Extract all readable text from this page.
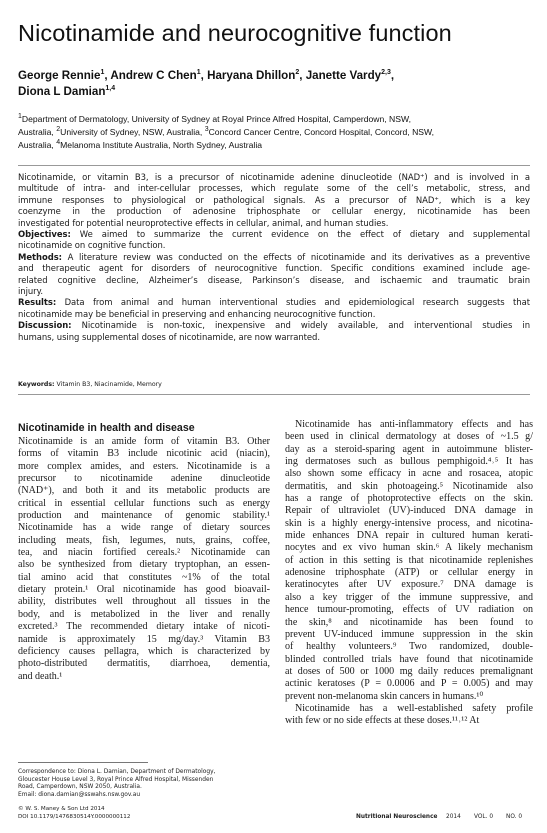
Nicotinamide and neurocognitive function
George Rennie$^1$, Andrew C Chen$^1$, Haryana Dhillon$^2$, Janette Vardy$^{2,3}$,
Diona L Damian$^{1,4}$
$^1$Department of Dermatology, University of Sydney at Royal Prince Alfred Hospital, Camperdown, NSW,
Australia, $^2$University of Sydney, NSW, Australia, $^3$Concord Cancer Centre, Concord Hospital, Concord, NSW,
Australia, $^4$Melanoma Institute Australia, North Sydney, Australia
Nicotinamide, or vitamin B3, is a precursor of nicotinamide adenine dinucleotide (NAD⁺) and is involved in a
multitude of intra- and inter-cellular processes, which regulate some of the cell’s metabolic, stress, and
immune responses to physiological or pathological signals. As a precursor of NAD⁺, which is a key
coenzyme in the production of adenosine triphosphate or cellular energy, nicotinamide has been
investigated for potential neuroprotective effects in cellular, animal, and human studies.
Objectives: We aimed to summarize the current evidence on the effect of dietary and supplemental
nicotinamide on cognitive function.
Methods: A literature review was conducted on the effects of nicotinamide and its derivatives as a preventive
and therapeutic agent for disorders of neurocognitive function. Specific conditions examined include age-
related cognitive decline, Alzheimer’s disease, Parkinson’s disease, and ischaemic and traumatic brain
injury.
Results: Data from animal and human interventional studies and epidemiological research suggests that
nicotinamide may be beneficial in preserving and enhancing neurocognitive function.
Discussion: Nicotinamide is non-toxic, inexpensive and widely available, and interventional studies in
humans, using supplemental doses of nicotinamide, are now warranted.
Keywords: Vitamin B3, Niacinamide, Memory
Nicotinamide in health and disease
Nicotinamide is an amide form of vitamin B3. Other
forms of vitamin B3 include nicotinic acid (niacin),
more complex amides, and esters. Nicotinamide is a
precursor to nicotinamide adenine dinucleotide
(NAD⁺), and both it and its metabolic products are
critical in essential cellular functions such as energy
production and maintenance of genomic stability.¹
Nicotinamide has a wide range of dietary sources
including meats, fish, legumes, nuts, grains, coffee,
tea, and niacin fortified cereals.² Nicotinamide can
also be synthesized from dietary tryptophan, an essen-
tial amino acid that constitutes ~1% of the total
dietary protein.¹ Oral nicotinamide has good bioavail-
ability, distributes well throughout all tissues in the
body, and is metabolized in the liver and renally
excreted.³ The recommended dietary intake of nicoti-
namide is approximately 15 mg/day.³ Vitamin B3
deficiency causes pellagra, which is characterized by
photo-distributed dermatitis, diarrhoea, dementia,
and death.¹
Nicotinamide has anti-inflammatory effects and has
been used in clinical dermatology at doses of ~1.5 g/
day as a steroid-sparing agent in autoimmune blister-
ing dermatoses such as bullous pemphigoid.⁴˒⁵ It has
also shown some efficacy in acne and rosacea, atopic
dermatitis, and skin photoageing.⁵ Nicotinamide also
has a range of photoprotective effects on the skin.
Repair of ultraviolet (UV)-induced DNA damage in
skin is a highly energy-intensive process, and nicotina-
mide enhances DNA repair in cultured human kerati-
nocytes and ex vivo human skin.⁶ A likely mechanism
of action in this setting is that nicotinamide replenishes
adenosine triphosphate (ATP) or cellular energy in
keratinocytes after UV exposure.⁷ DNA damage is
also a key trigger of the immune suppressive, and
hence tumour-promoting, effects of UV radiation on
the skin,⁸ and nicotinamide has been found to
prevent UV-induced immune suppression in the skin
of healthy volunteers.⁹ Two randomized, double-
blinded controlled trials have found that nicotinamide
at doses of 500 or 1000 mg daily reduces premalignant
actinic keratoses (P = 0.0006 and P = 0.005) and may
prevent non-melanoma skin cancers in humans.¹⁰
Nicotinamide has a well-established safety profile
with few or no side effects at these doses.¹¹˒¹² At
Correspondence to: Diona L. Damian, Department of Dermatology,
Gloucester House Level 3, Royal Prince Alfred Hospital, Missenden
Road, Camperdown, NSW 2050, Australia.
Email: diona.damian@sswahs.nsw.gov.au
© W. S. Maney & Son Ltd 2014
DOI 10.1179/1476830514Y.0000000112	Nutritional Neuroscience 2014 VOL. 0 NO. 0
